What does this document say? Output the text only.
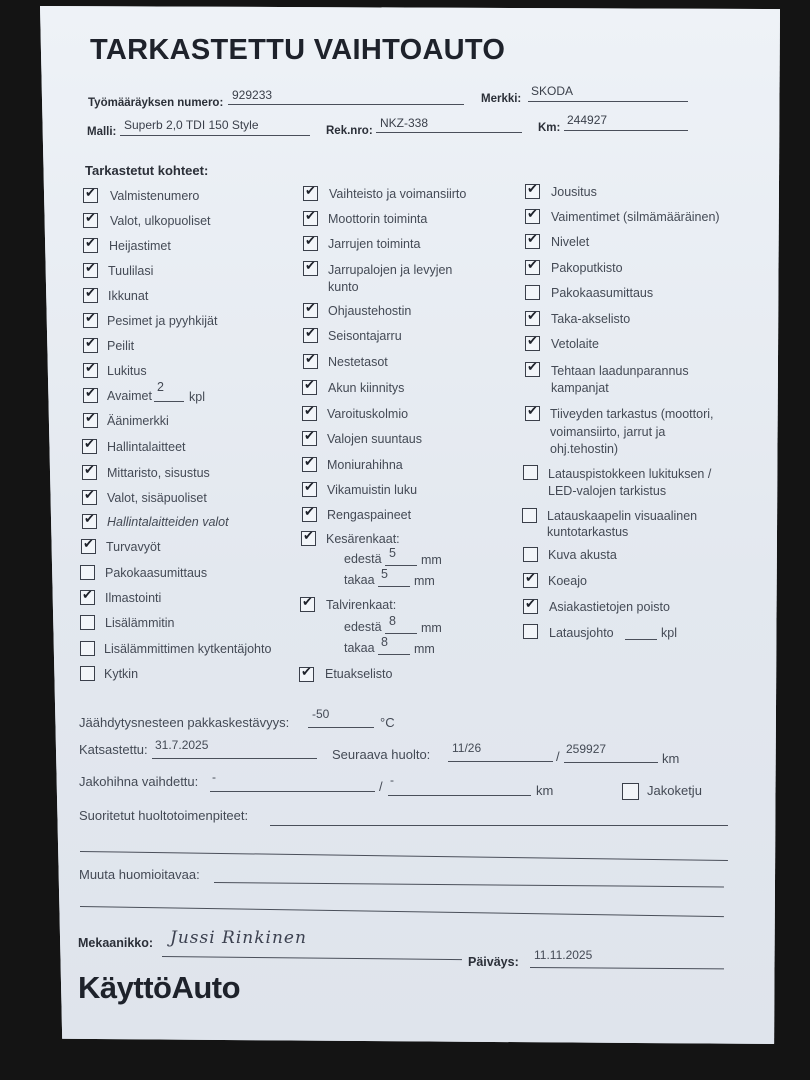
TARKASTETTU VAIHTOAUTO
Työmääräyksen numero:
929233	Merkki:
SKODA
Malli: Superb 2,0 TDI 150 Style	Rek.nro:
NKZ-338	Km:
244927
Tarkastetut kohteet:
✔
Valmistenumero
✔
Valot, ulkopuoliset
✔
Heijastimet
✔
Tuulilasi
✔
Ikkunat
✔
Pesimet ja pyyhkijät
✔
Peilit
✔
Lukitus
✔
Avaimet
2
kpl
✔
Äänimerkki
✔
Hallintalaitteet
✔
Mittaristo, sisustus
✔
Valot, sisäpuoliset
✔
Hallintalaitteiden valot
✔
Turvavyöt
Pakokaasumittaus
✔
Ilmastointi
Lisälämmitin
Lisälämmittimen kytkentäjohto
Kytkin
✔
Vaihteisto ja voimansiirto
✔
Moottorin toiminta
✔
Jarrujen toiminta
✔
Jarrupalojen ja levyjen kunto
✔
Ohjaustehostin
✔
Seisontajarru
✔
Nestetasot
✔
Akun kiinnitys
✔
Varoituskolmio
✔
Valojen suuntaus
✔
Moniurahihna
✔
Vikamuistin luku
✔
Rengaspaineet
✔
Kesärenkaat:
edestä 5 mm
takaa 5 mm
✔
Talvirenkaat:
edestä 8 mm
takaa 8 mm
✔
Etuakselisto
✔
Jousitus
✔
Vaimentimet (silmämääräinen)
✔
Nivelet
✔
Pakoputkisto
Pakokaasumittaus
✔
Taka-akselisto
✔
Vetolaite
✔
Tehtaan laadunparannus kampanjat
✔
Tiiveyden tarkastus (moottori, voimansiirto, jarrut ja ohj.tehostin)
Latauspistokkeen lukituksen / LED-valojen tarkistus
Latauskaapelin visuaalinen kuntotarkastus
Kuva akusta
✔
Koeajo
✔
Asiakastietojen poisto
Latausjohto	kpl
Jäähdytysnesteen pakkaskestävyys:
-50
°C
Katsastettu: 31.7.2025
Seuraava huolto: 11/26
/ 259927
km
Jakohihna vaihdettu: -
/ -
km	Jakoketju
Suoritetut huoltotoimenpiteet:
Muuta huomioitavaa:
Mekaanikko: Jussi Rinkinen
Päiväys: 11.11.2025
KäyttöAuto
